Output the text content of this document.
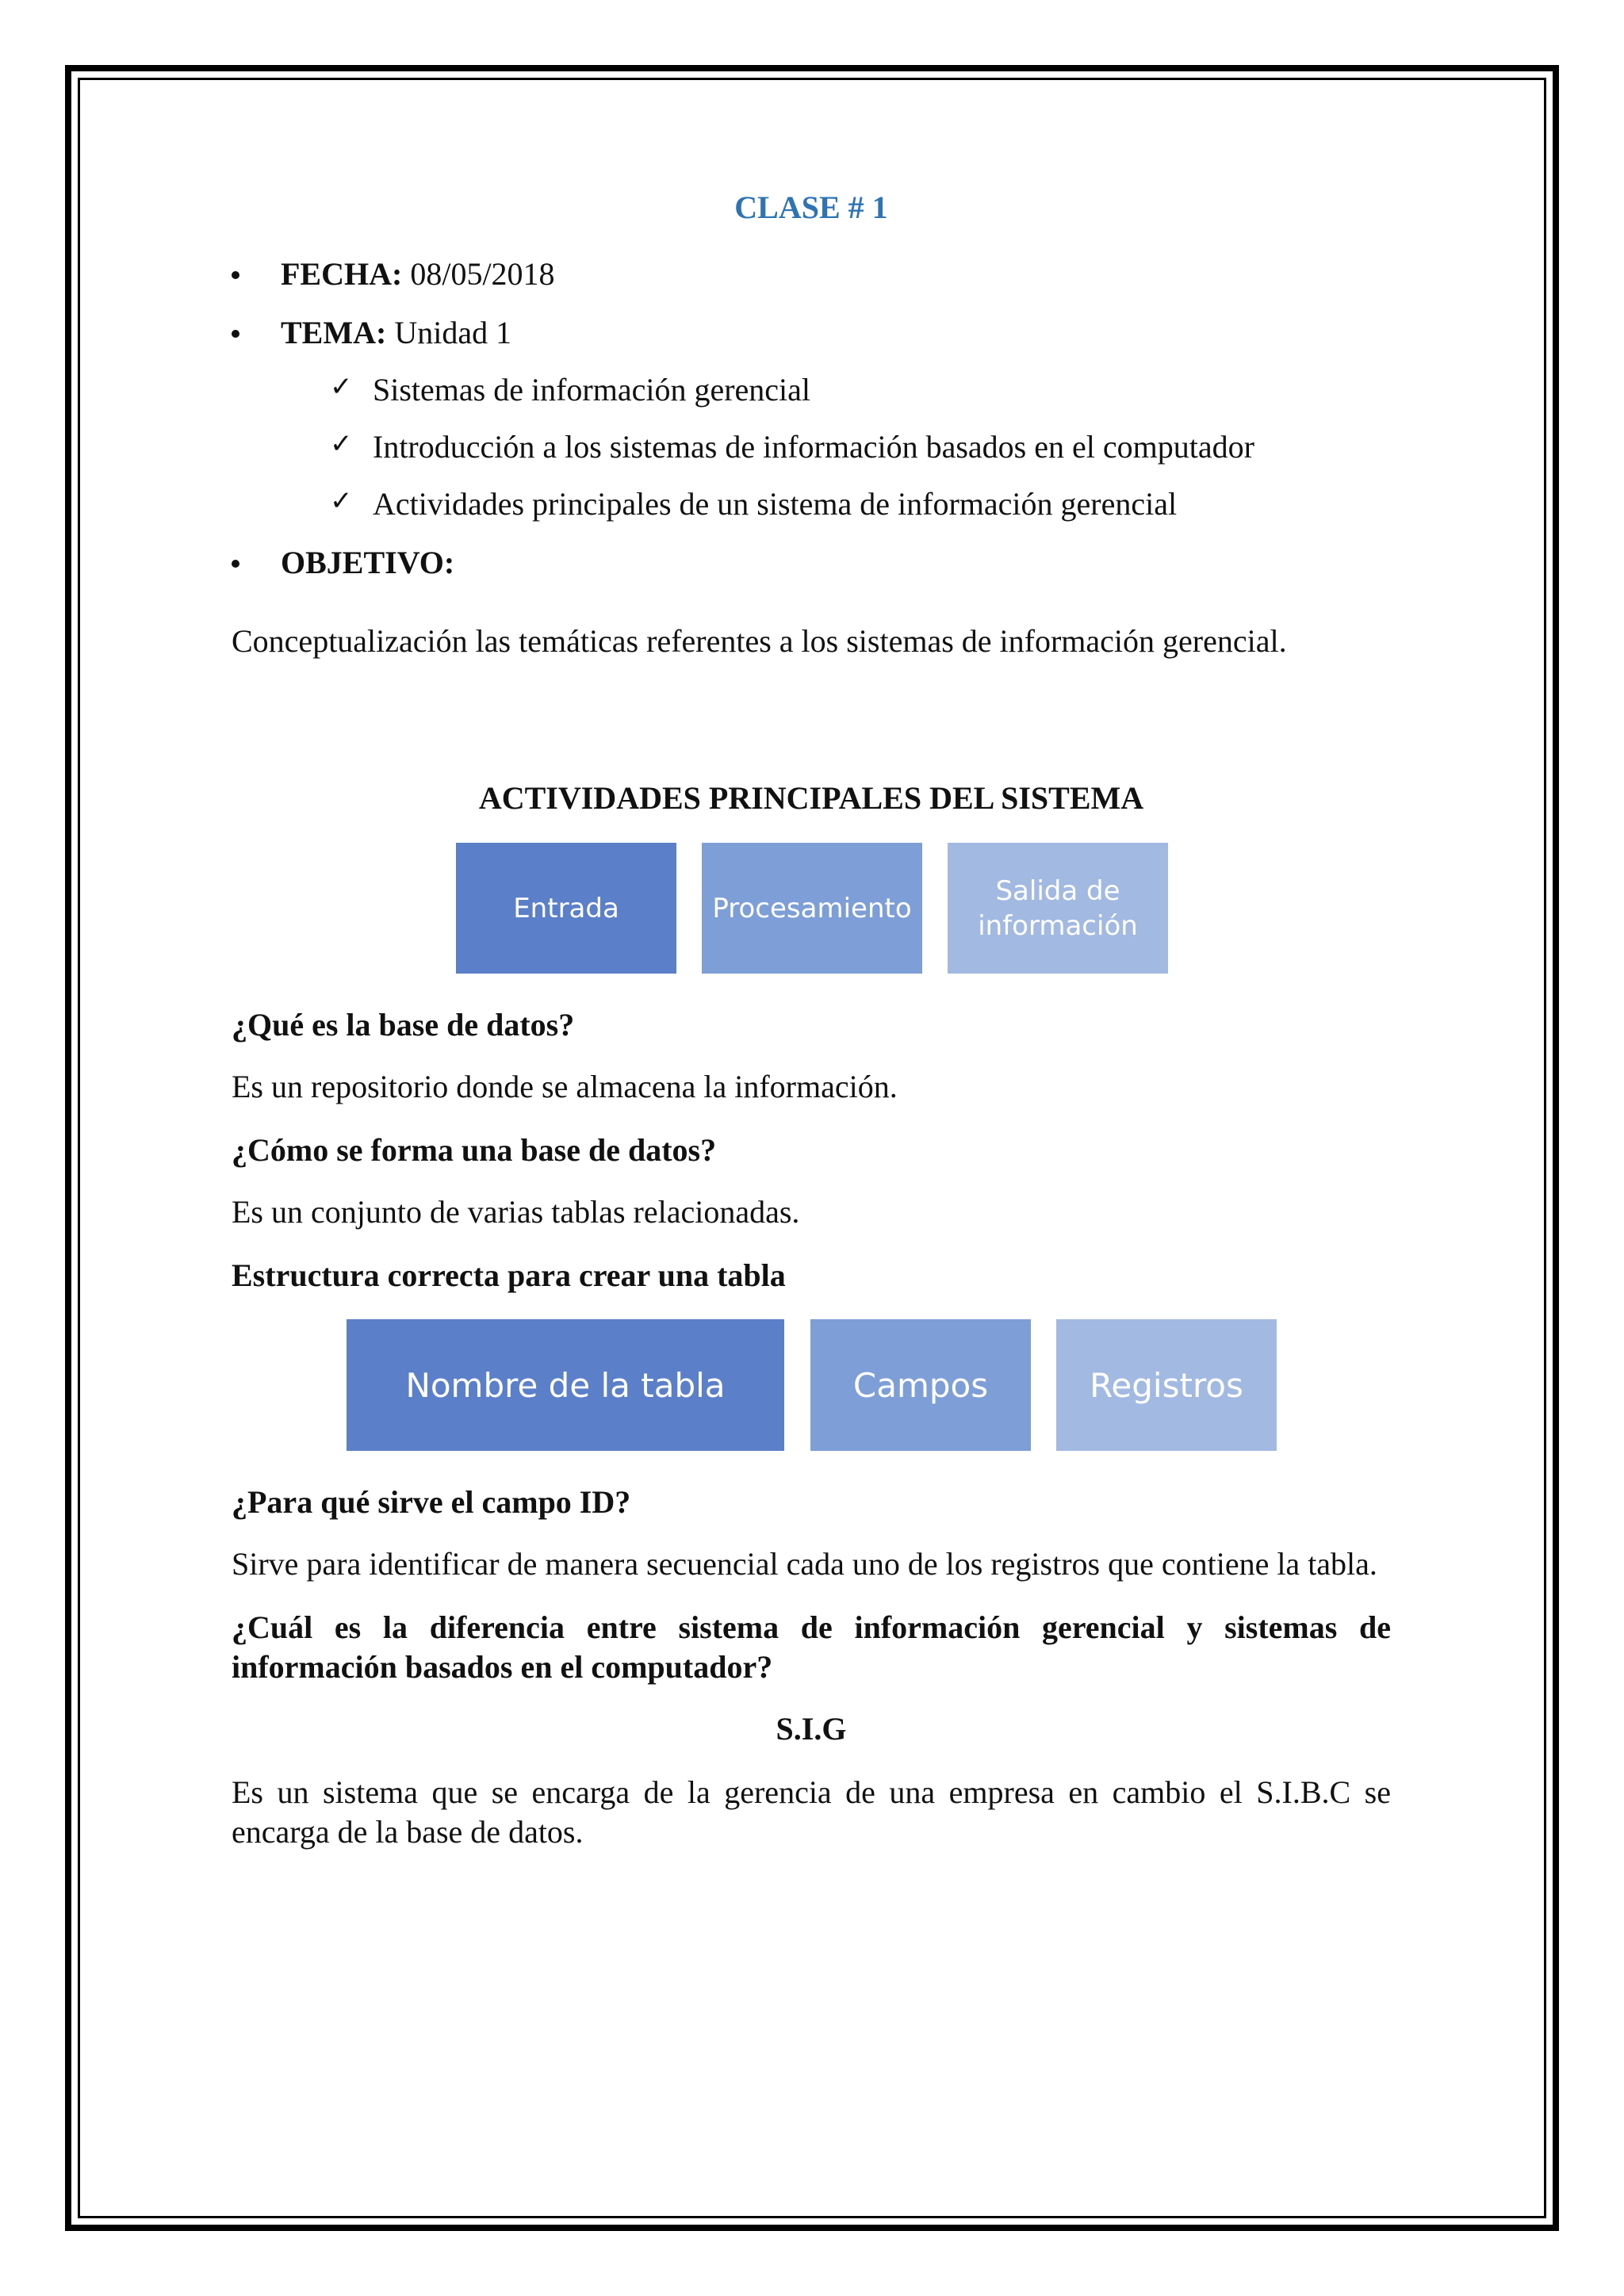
CLASE # 1
FECHA: 08/05/2018
TEMA: Unidad 1
✓ Sistemas de información gerencial
✓ Introducción a los sistemas de información basados en el computador
✓ Actividades principales de un sistema de información gerencial
OBJETIVO:
Conceptualización las temáticas referentes a los sistemas de información gerencial.
ACTIVIDADES PRINCIPALES DEL SISTEMA
Entrada	Procesamiento
Salida de información
¿Qué es la base de datos?
Es un repositorio donde se almacena la información.
¿Cómo se forma una base de datos?
Es un conjunto de varias tablas relacionadas.
Estructura correcta para crear una tabla
Nombre de la tabla	Campos	Registros
¿Para qué sirve el campo ID?
Sirve para identificar de manera secuencial cada uno de los registros que contiene la tabla.
¿Cuál es la diferencia entre sistema de información gerencial y sistemas de información basados en el computador?
S.I.G
Es un sistema que se encarga de la gerencia de una empresa en cambio el S.I.B.C se encarga de la base de datos.
